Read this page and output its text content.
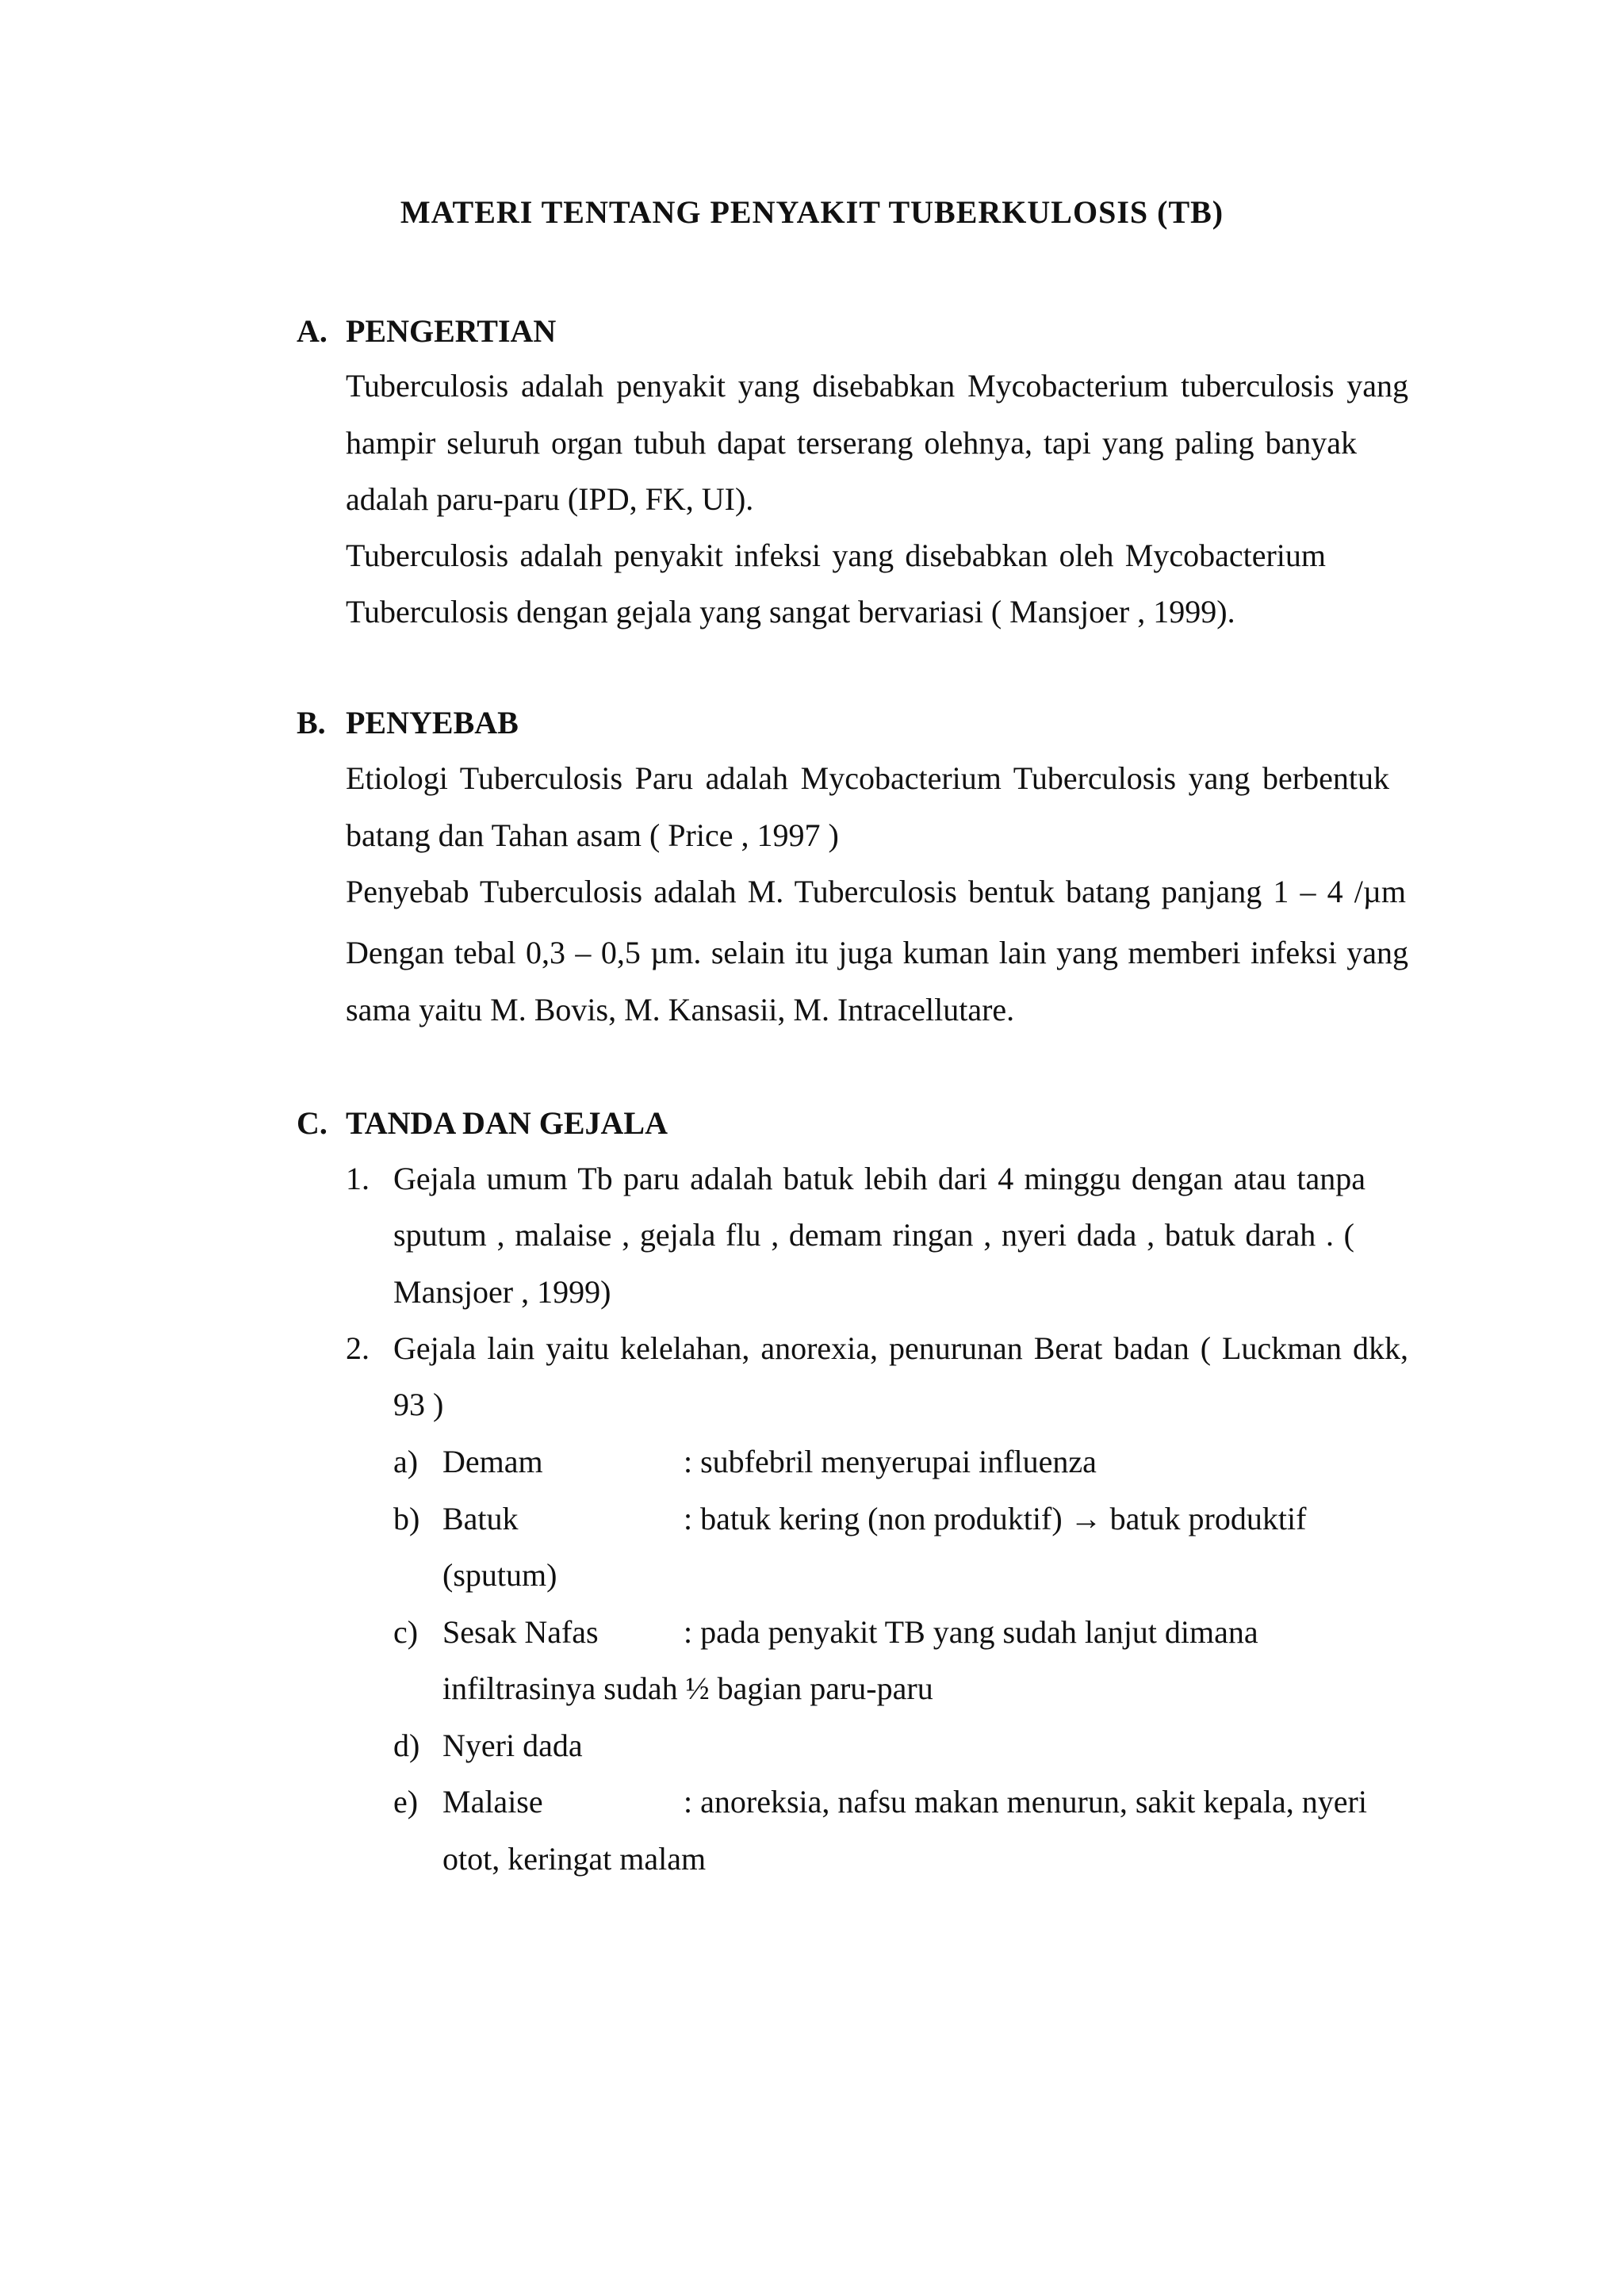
MATERI TENTANG PENYAKIT TUBERKULOSIS (TB)
A. PENGERTIAN
Tuberculosis adalah penyakit yang disebabkan Mycobacterium tuberculosis yang
hampir seluruh organ tubuh dapat terserang olehnya, tapi yang paling banyak
adalah paru-paru (IPD, FK, UI).
Tuberculosis adalah penyakit infeksi yang disebabkan oleh Mycobacterium
Tuberculosis dengan gejala yang sangat bervariasi ( Mansjoer , 1999).
B. PENYEBAB
Etiologi Tuberculosis Paru adalah Mycobacterium Tuberculosis yang berbentuk
batang dan Tahan asam ( Price , 1997 )
Penyebab Tuberculosis adalah M. Tuberculosis bentuk batang panjang 1 – 4 /µm
Dengan tebal 0,3 – 0,5 µm. selain itu juga kuman lain yang memberi infeksi yang
sama yaitu M. Bovis, M. Kansasii, M. Intracellutare.
C. TANDA DAN GEJALA
1. Gejala umum Tb paru adalah batuk lebih dari 4 minggu dengan atau tanpa
sputum , malaise , gejala flu , demam ringan , nyeri dada , batuk darah . (
Mansjoer , 1999)
2. Gejala lain yaitu kelelahan, anorexia, penurunan Berat badan ( Luckman dkk,
93 )
a) Demam	: subfebril menyerupai influenza
b) Batuk	: batuk kering (non produktif) → batuk produktif
(sputum)
c) Sesak Nafas	: pada penyakit TB yang sudah lanjut dimana
infiltrasinya sudah ½ bagian paru-paru
d) Nyeri dada
e) Malaise	: anoreksia, nafsu makan menurun, sakit kepala, nyeri
otot, keringat malam
